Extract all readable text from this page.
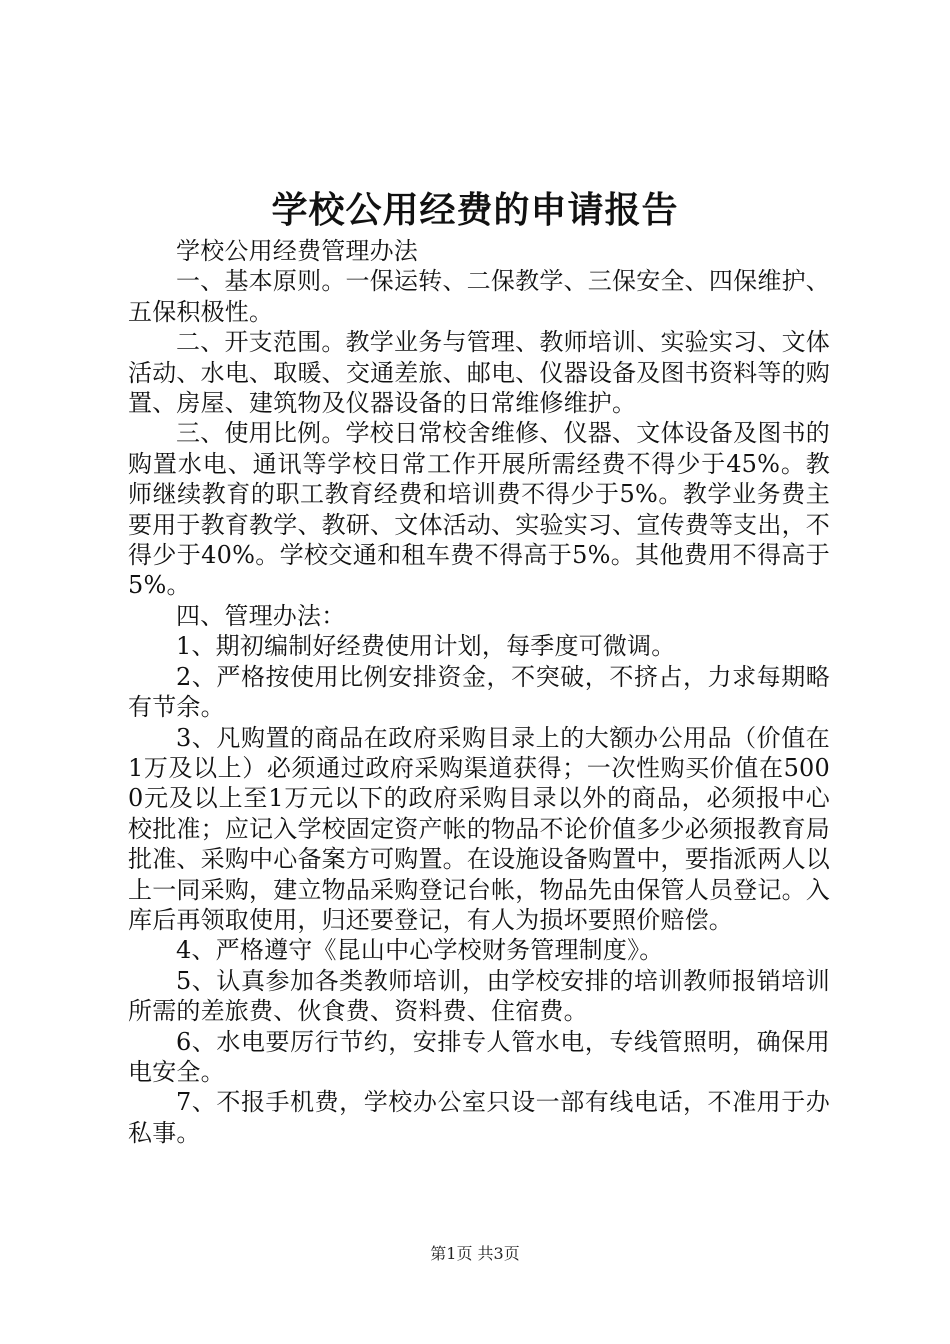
学校公用经费的申请报告

学校公用经费管理办法

一、基本原则。一保运转、二保教学、三保安全、四保维护、五保积极性。

二、开支范围。教学业务与管理、教师培训、实验实习、文体活动、水电、取暖、交通差旅、邮电、仪器设备及图书资料等的购置、房屋、建筑物及仪器设备的日常维修维护。

三、使用比例。学校日常校舍维修、仪器、文体设备及图书的购置水电、通讯等学校日常工作开展所需经费不得少于45%。教师继续教育的职工教育经费和培训费不得少于5%。教学业务费主要用于教育教学、教研、文体活动、实验实习、宣传费等支出，不得少于40%。学校交通和租车费不得高于5%。其他费用不得高于5%。

四、管理办法：

1、期初编制好经费使用计划，每季度可微调。

2、严格按使用比例安排资金，不突破，不挤占，力求每期略有节余。

3、凡购置的商品在政府采购目录上的大额办公用品（价值在1万及以上）必须通过政府采购渠道获得；一次性购买价值在5000元及以上至1万元以下的政府采购目录以外的商品，必须报中心校批准；应记入学校固定资产帐的物品不论价值多少必须报教育局批准、采购中心备案方可购置。在设施设备购置中，要指派两人以上一同采购，建立物品采购登记台帐，物品先由保管人员登记。入库后再领取使用，归还要登记，有人为损坏要照价赔偿。

4、严格遵守《昆山中心学校财务管理制度》。

5、认真参加各类教师培训，由学校安排的培训教师报销培训所需的差旅费、伙食费、资料费、住宿费。

6、水电要厉行节约，安排专人管水电，专线管照明，确保用电安全。

7、不报手机费，学校办公室只设一部有线电话，不准用于办私事。

第1页 共3页
